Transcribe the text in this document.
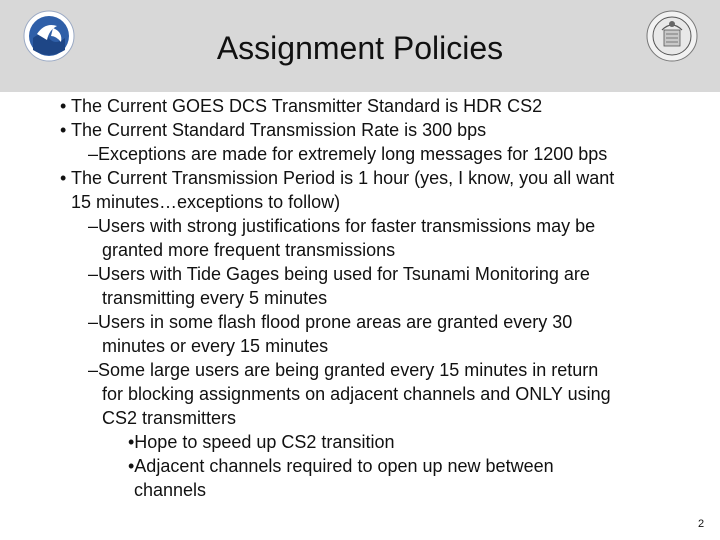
Assignment Policies
• The Current GOES DCS Transmitter Standard is HDR CS2
• The Current Standard Transmission Rate is 300 bps
–Exceptions are made for extremely long messages for 1200 bps
• The Current Transmission Period is 1 hour (yes, I know, you all want
15 minutes…exceptions to follow)
–Users with strong justifications for faster transmissions may be
granted more frequent transmissions
–Users with Tide Gages being used for Tsunami Monitoring are
transmitting every 5 minutes
–Users in some flash flood prone areas are granted every 30
minutes or every 15 minutes
–Some large users are being granted every 15 minutes in return
for blocking assignments on adjacent channels and ONLY using
CS2 transmitters
•Hope to speed up CS2 transition
•Adjacent channels required to open up new between
channels
2
